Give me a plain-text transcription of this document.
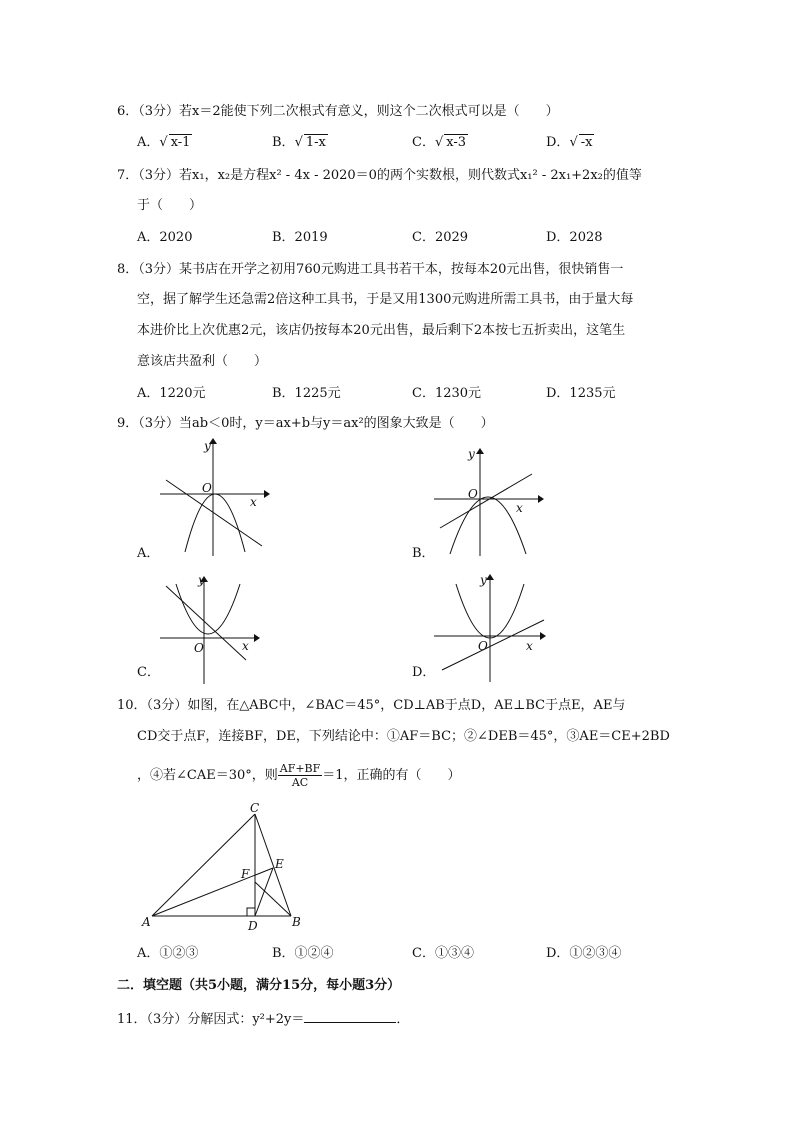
6．（3分）若x＝2能使下列二次根式有意义，则这个二次根式可以是（　　）
A．√ x-1	B．√ 1-x	C．√ x-3	D．√ -x
7．（3分）若x₁，x₂是方程x² - 4x - 2020＝0的两个实数根，则代数式x₁² - 2x₁+2x₂的值等
于（　　）
A．2020	B．2019	C．2029	D．2028
8．（3分）某书店在开学之初用760元购进工具书若干本，按每本20元出售，很快销售一
空，据了解学生还急需2倍这种工具书，于是又用1300元购进所需工具书，由于量大每
本进价比上次优惠2元，该店仍按每本20元出售，最后剩下2本按七五折卖出，这笔生
意该店共盈利（　　）
A．1220元	B．1225元	C．1230元	D．1235元
9．（3分）当ab＜0时，y＝ax+b与y＝ax²的图象大致是（　　）
y
x
O
A．
y
x
O
B．
y
x
O
C．
y
x
O
D．
10．（3分）如图，在△ABC中，∠BAC＝45°，CD⊥AB于点D，AE⊥BC于点E，AE与
CD交于点F，连接BF，DE，下列结论中：①AF＝BC；②∠DEB＝45°，③AE＝CE+2BD
，④若∠CAE＝30°，则 $\frac{AF+BF}{AC} =1$，正确的有（　　）
A	B
C
D
E
F
A．①②③	B．①②④	C．①③④	D．①②③④
二．填空题（共5小题，满分15分，每小题3分）
11．（3分）分解因式：y²+2y＝	．
